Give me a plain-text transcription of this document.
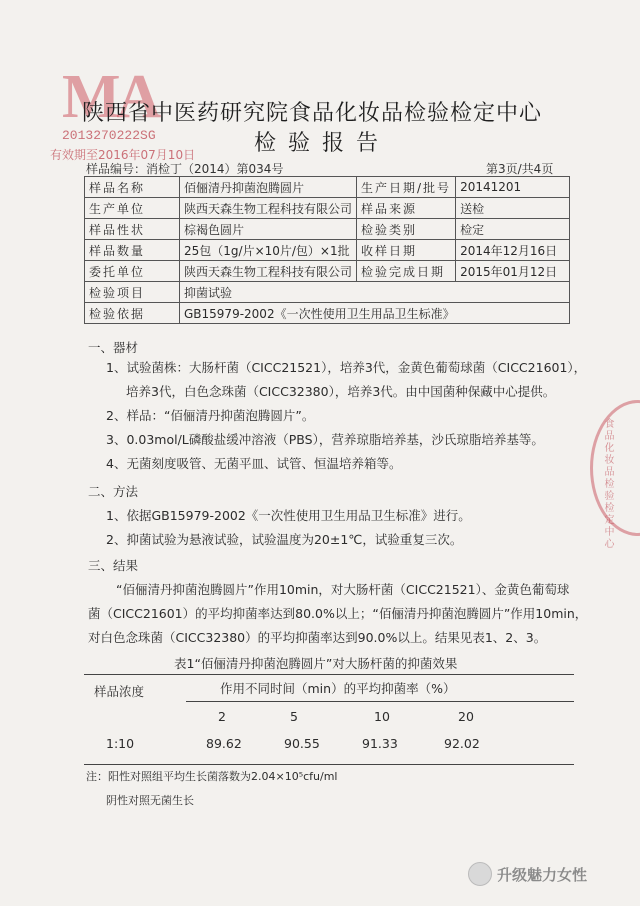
MA
2013270222SG
有效期至2016年07月10日
陕西省中医药研究院食品化妆品检验检定中心
检验报告
样品编号：消检丁（2014）第034号	第3页/共4页
样品名称	佰俪清丹抑菌泡腾圆片	生产日期/批号	20141201
生产单位	陕西天森生物工程科技有限公司	样品来源	送检
样品性状	棕褐色圆片	检验类别	检定
样品数量	25包（1g/片×10片/包）×1批	收样日期	2014年12月16日
委托单位	陕西天森生物工程科技有限公司	检验完成日期	2015年01月12日
检验项目	抑菌试验		
检验依据	GB15979-2002《一次性使用卫生用品卫生标准》		
一、器材
1、试验菌株：大肠杆菌（CICC21521），培养3代，金黄色葡萄球菌（CICC21601），
培养3代，白色念珠菌（CICC32380），培养3代。由中国菌种保藏中心提供。
2、样品：“佰俪清丹抑菌泡腾圆片”。
3、0.03mol/L磷酸盐缓冲溶液（PBS），营养琼脂培养基，沙氏琼脂培养基等。
4、无菌刻度吸管、无菌平皿、试管、恒温培养箱等。
二、方法
1、依据GB15979-2002《一次性使用卫生用品卫生标准》进行。
2、抑菌试验为悬液试验，试验温度为20±1℃，试验重复三次。
三、结果
“佰俪清丹抑菌泡腾圆片”作用10min，对大肠杆菌（CICC21521）、金黄色葡萄球
菌（CICC21601）的平均抑菌率达到80.0%以上；“佰俪清丹抑菌泡腾圆片”作用10min，
对白色念珠菌（CICC32380）的平均抑菌率达到90.0%以上。结果见表1、2、3。
表1“佰俪清丹抑菌泡腾圆片”对大肠杆菌的抑菌效果
样品浓度	作用不同时间（min）的平均抑菌率（%）
2	5	10	20
1:10	89.62	90.55	91.33	92.02
注：阳性对照组平均生长菌落数为2.04×10⁵cfu/ml
阴性对照无菌生长
食品化妆品检验检定中心
升级魅力女性
